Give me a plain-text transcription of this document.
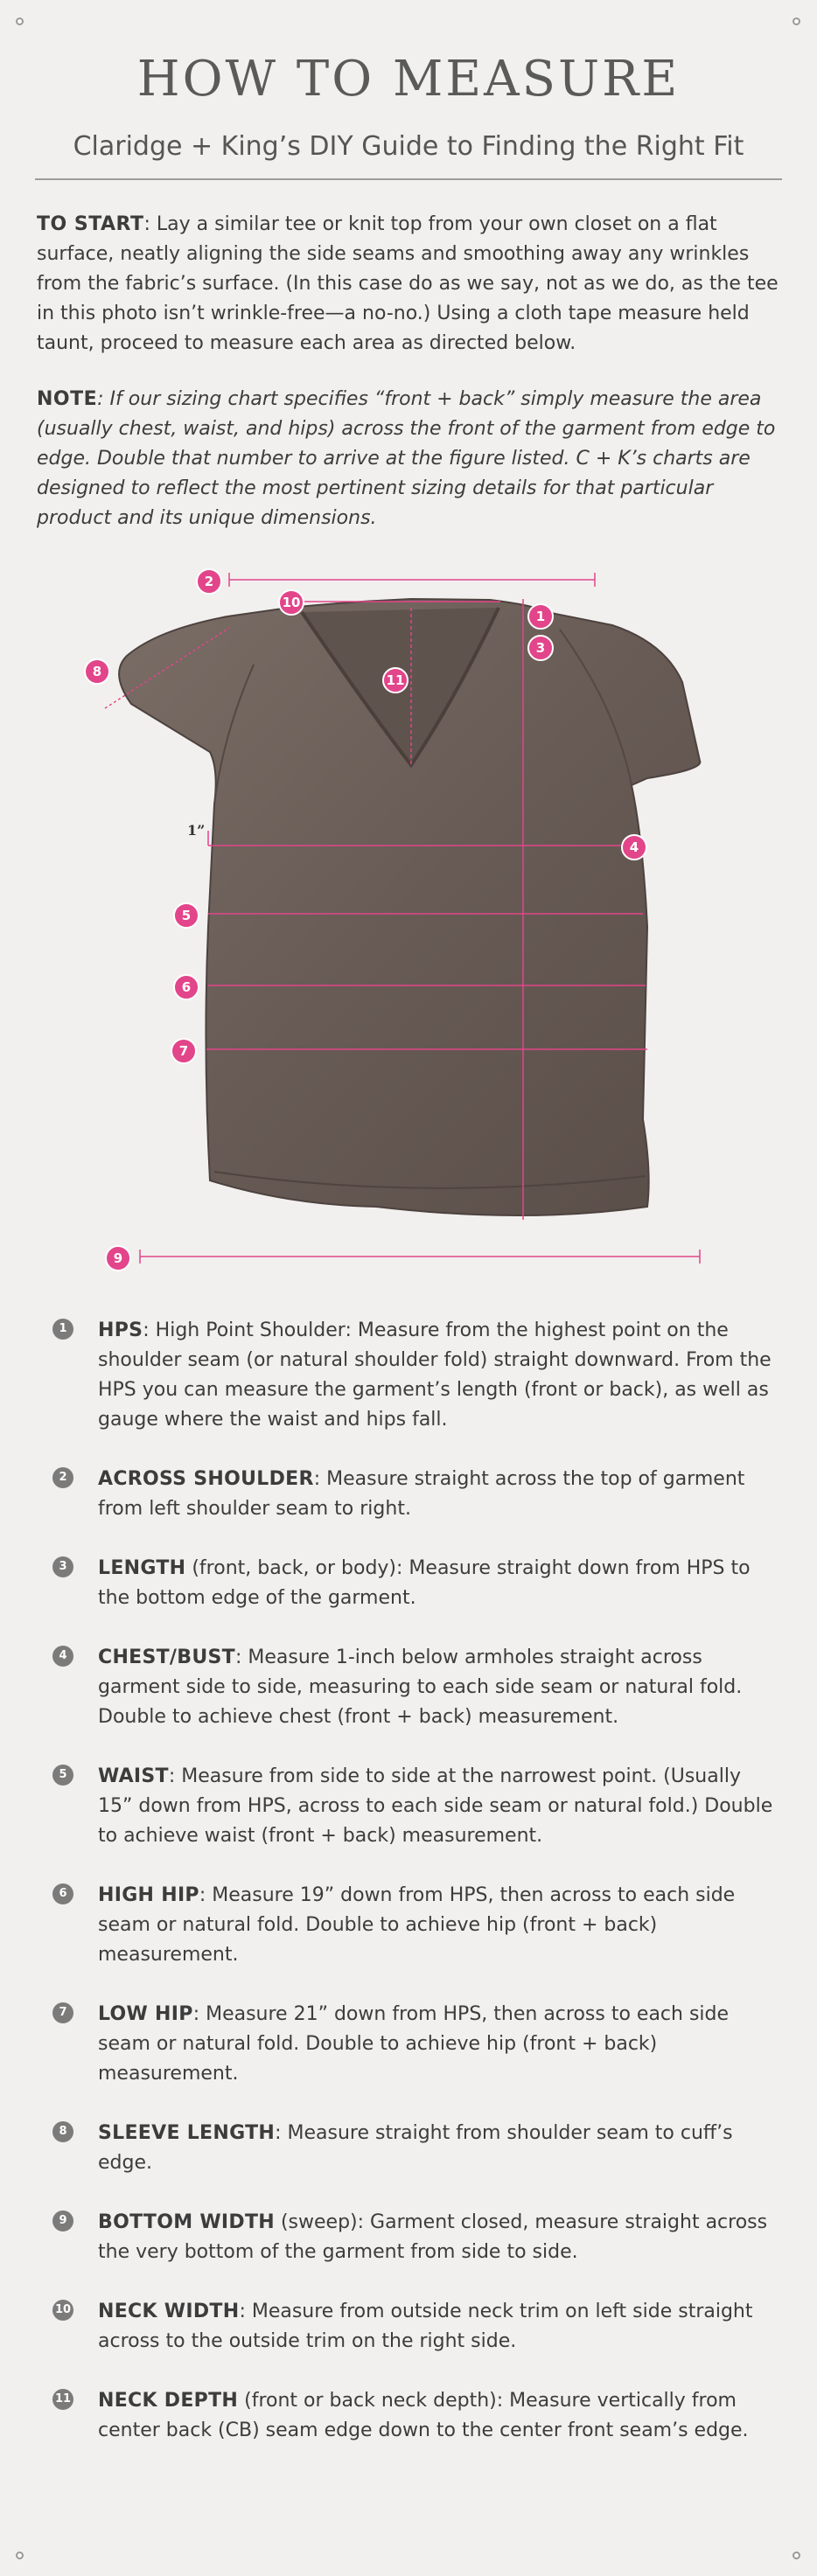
HOW TO MEASURE
Claridge + King’s DIY Guide to Finding the Right Fit
TO START: Lay a similar tee or knit top from your own closet on a flat surface, neatly aligning the side seams and smoothing away any wrinkles from the fabric’s surface. (In this case do as we say, not as we do, as the tee in this photo isn’t wrinkle-free—a no-no.) Using a cloth tape measure held taunt, proceed to measure each area as directed below.
NOTE: If our sizing chart specifies “front + back” simply measure the area (usually chest, waist, and hips) across the front of the garment from edge to edge. Double that number to arrive at the figure listed. C + K’s charts are designed to reflect the most pertinent sizing details for that particular product and its unique dimensions.
1”
1
2
3
4
5
6
7
8
9
10
11
1	HPS: High Point Shoulder: Measure from the highest point on the shoulder seam (or natural shoulder fold) straight downward. From the HPS you can measure the garment’s length (front or back), as well as gauge where the waist and hips fall.
2	ACROSS SHOULDER: Measure straight across the top of garment from left shoulder seam to right.
3	LENGTH (front, back, or body): Measure straight down from HPS to the bottom edge of the garment.
4	CHEST/BUST: Measure 1-inch below armholes straight across garment side to side, measuring to each side seam or natural fold. Double to achieve chest (front + back) measurement.
5	WAIST: Measure from side to side at the narrowest point. (Usually 15” down from HPS, across to each side seam or natural fold.) Double to achieve waist (front + back) measurement.
6	HIGH HIP: Measure 19” down from HPS, then across to each side seam or natural fold. Double to achieve hip (front + back) measurement.
7	LOW HIP: Measure 21” down from HPS, then across to each side seam or natural fold. Double to achieve hip (front + back) measurement.
8	SLEEVE LENGTH: Measure straight from shoulder seam to cuff’s edge.
9	BOTTOM WIDTH (sweep): Garment closed, measure straight across the very bottom of the garment from side to side.
10 NECK WIDTH: Measure from outside neck trim on left side straight across to the outside trim on the right side.
11 NECK DEPTH (front or back neck depth): Measure vertically from center back (CB) seam edge down to the center front seam’s edge.
